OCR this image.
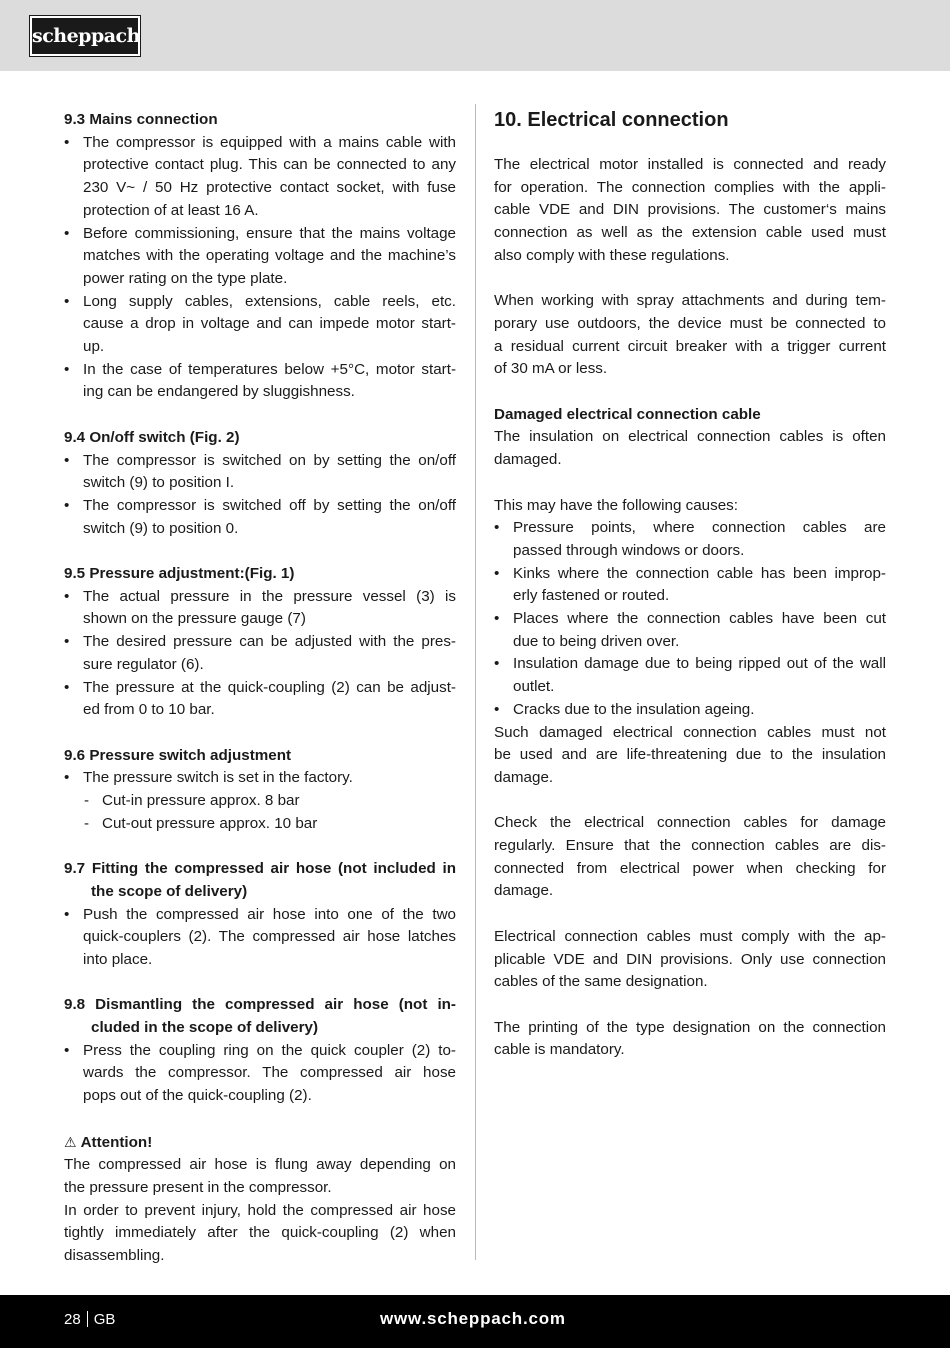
scheppach
9.3 Mains connection
• The compressor is equipped with a mains cable with
protective contact plug. This can be connected to any
230 V~ / 50 Hz protective contact socket, with fuse
protection of at least 16 A.
• Before commissioning, ensure that the mains voltage
matches with the operating voltage and the machine’s
power rating on the type plate.
• Long supply cables, extensions, cable reels, etc.
cause a drop in voltage and can impede motor start-
up.
• In the case of temperatures below +5°C, motor start-
ing can be endangered by sluggishness.
9.4 On/off switch (Fig. 2)
• The compressor is switched on by setting the on/off
switch (9) to position I.
• The compressor is switched off by setting the on/off
switch (9) to position 0.
9.5 Pressure adjustment:(Fig. 1)
• The actual pressure in the pressure vessel (3) is
shown on the pressure gauge (7)
• The desired pressure can be adjusted with the pres-
sure regulator (6).
• The pressure at the quick-coupling (2) can be adjust-
ed from 0 to 10 bar.
9.6 Pressure switch adjustment
• The pressure switch is set in the factory.
- Cut-in pressure approx. 8 bar
- Cut-out pressure approx. 10 bar
9.7 Fitting the compressed air hose (not included in
the scope of delivery)
• Push the compressed air hose into one of the two
quick-couplers (2). The compressed air hose latches
into place.
9.8 Dismantling the compressed air hose (not in-
cluded in the scope of delivery)
• Press the coupling ring on the quick coupler (2) to-
wards the compressor. The compressed air hose
pops out of the quick-coupling (2).
⚠ Attention!
The compressed air hose is flung away depending on
the pressure present in the compressor.
In order to prevent injury, hold the compressed air hose
tightly immediately after the quick-coupling (2) when
disassembling.
10. Electrical connection
The electrical motor installed is connected and ready
for operation. The connection complies with the appli-
cable VDE and DIN provisions. The customer‘s mains
connection as well as the extension cable used must
also comply with these regulations.
When working with spray attachments and during tem-
porary use outdoors, the device must be connected to
a residual current circuit breaker with a trigger current
of 30 mA or less.
Damaged electrical connection cable
The insulation on electrical connection cables is often
damaged.
This may have the following causes:
• Pressure points, where connection cables are
passed through windows or doors.
• Kinks where the connection cable has been improp-
erly fastened or routed.
• Places where the connection cables have been cut
due to being driven over.
• Insulation damage due to being ripped out of the wall
outlet.
• Cracks due to the insulation ageing.
Such damaged electrical connection cables must not
be used and are life-threatening due to the insulation
damage.
Check the electrical connection cables for damage
regularly. Ensure that the connection cables are dis-
connected from electrical power when checking for
damage.
Electrical connection cables must comply with the ap-
plicable VDE and DIN provisions. Only use connection
cables of the same designation.
The printing of the type designation on the connection
cable is mandatory.
28 GB	www.scheppach.com
